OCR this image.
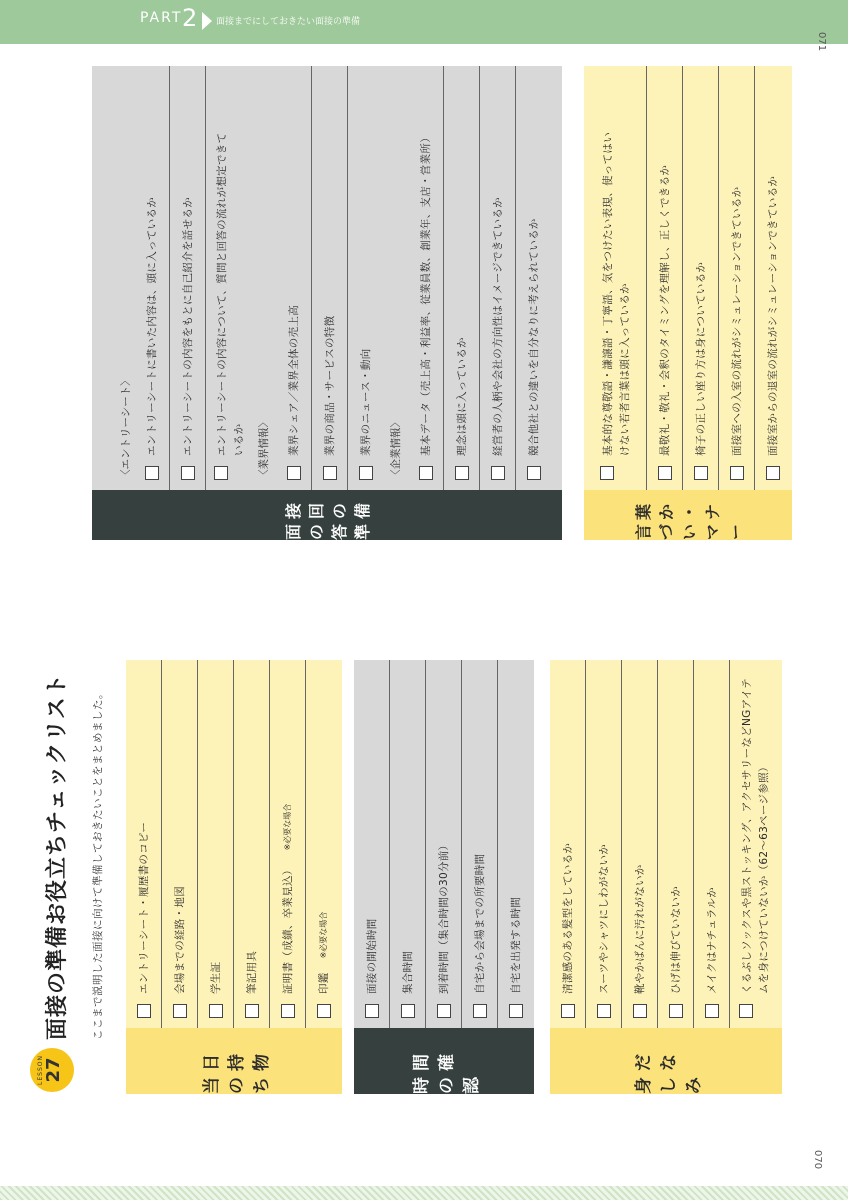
PART 2 面接までにしておきたい面接の準備
071
070
LESSON 27
面接の準備お役立ちチェックリスト ここまで説明した面接に向けて準備しておきたいことをまとめました。
当日の持ち物
エントリーシート・履歴書のコピー 会場までの経路・地図 学生証 筆記用具 証明書（成績、卒業見込）
※必要な場合
印鑑
※必要な場合
時間の確認
面接の開始時間 集合時間 到着時間（集合時間の30分前） 自宅から会場までの所要時間 自宅を出発する時間
身だしなみ
清潔感のある髪型をしているか スーツやシャツにしわがないか 靴やかばんに汚れがないか ひげは伸びていないか メイクはナチュラルか くるぶしソックスや黒ストッキング、アクセサリーなどNGアイテ ムを身につけていないか（62～63ページ参照）
面接の回答の準備
〈エントリーシート〉 エントリーシートに書いた内容は、頭に入っているか エントリーシートの内容をもとに自己紹介を話せるか エントリーシートの内容について、質問と回答の流れが想定できて いるか 〈業界情報〉 業界シェア／業界全体の売上高 業界の商品・サービスの特徴 業界のニュース・動向 〈企業情報〉 基本データ（売上高・利益率、従業員数、創業年、支店・営業所） 理念は頭に入っているか 経営者の人柄や会社の方向性はイメージできているか 競合他社との違いを自分なりに考えられているか
言葉づかい・マナー
基本的な尊敬語・謙譲語・丁寧語、気をつけたい表現、使ってはい けない若者言葉は頭に入っているか	最敬礼・敬礼・会釈のタイミングを理解し、正しくできるか 椅子の正しい座り方は身についているか 面接室への入室の流れがシミュレーションできているか 面接室からの退室の流れがシミュレーションできているか
